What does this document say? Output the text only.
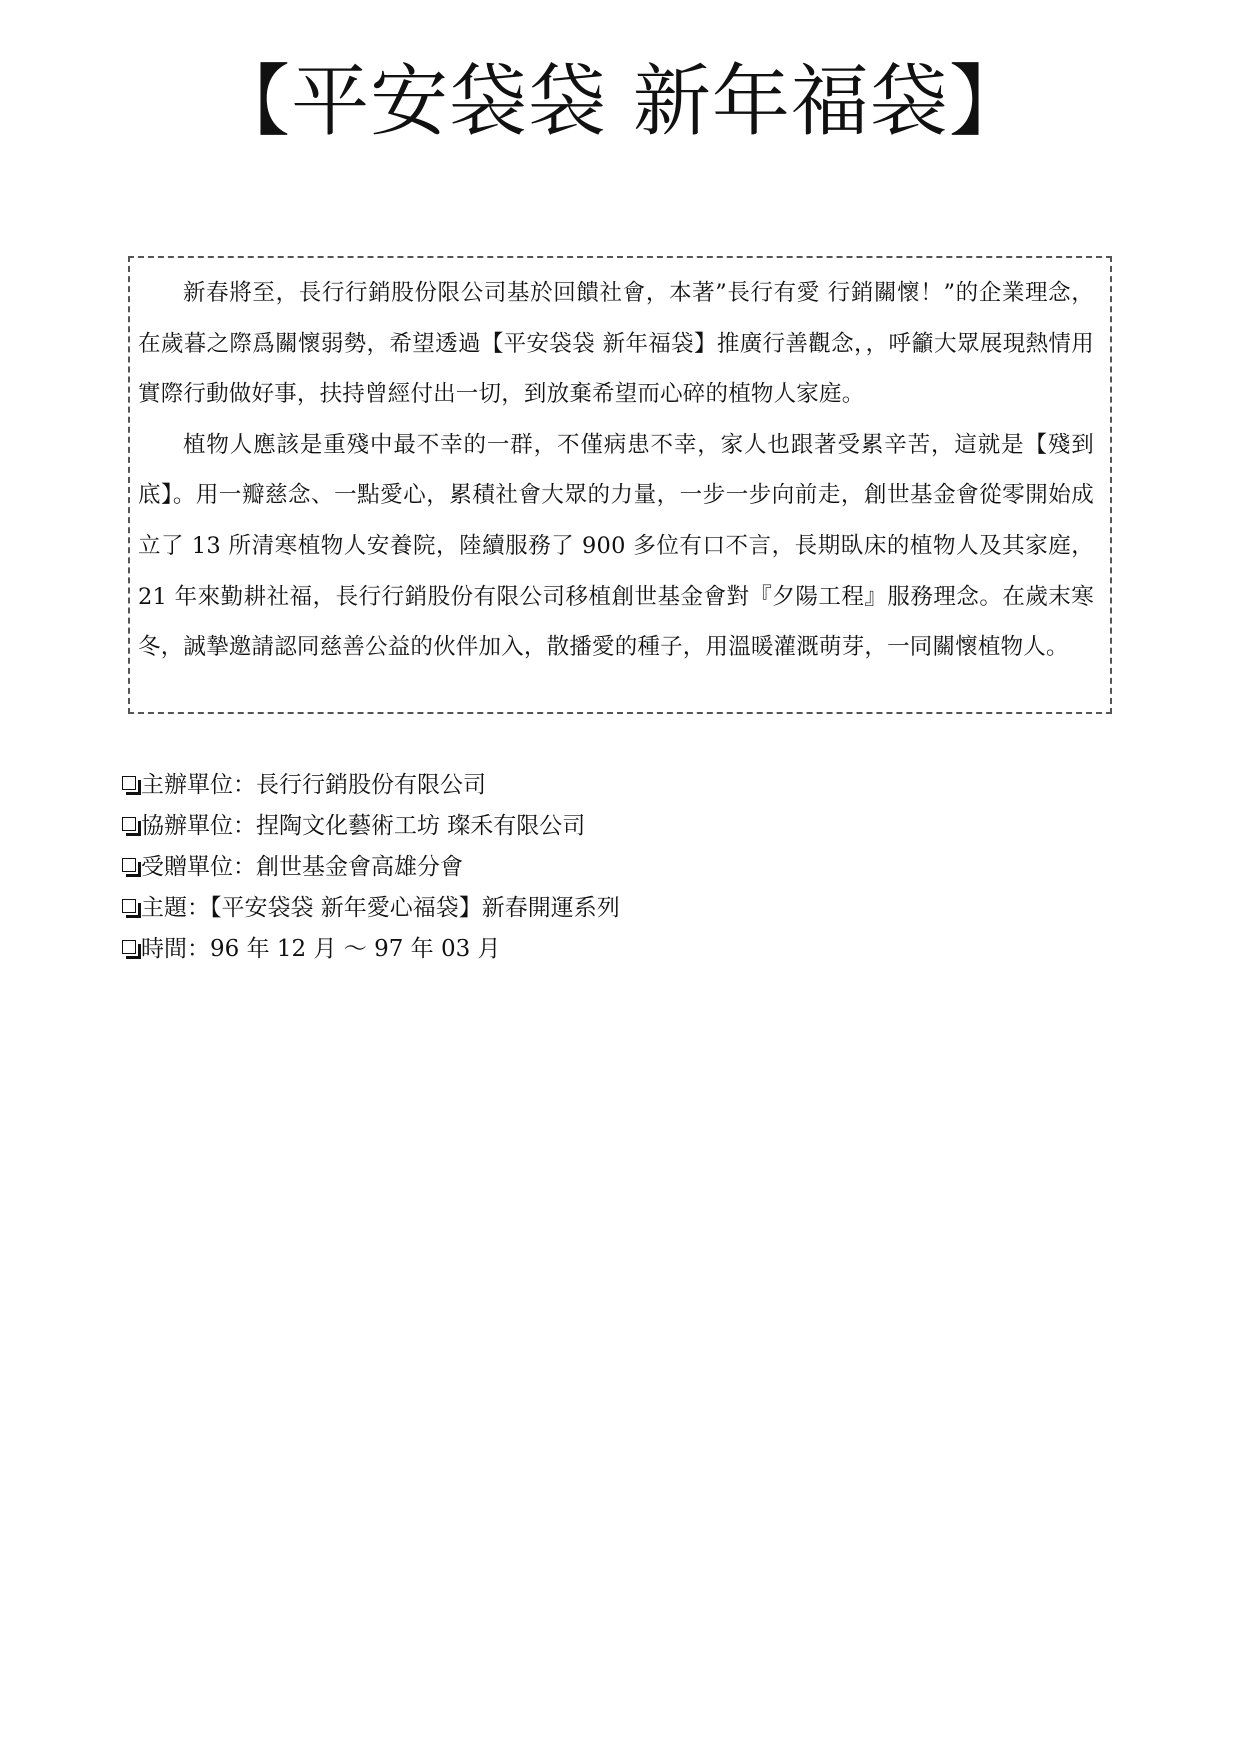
【平安袋袋 新年福袋】

新春將至，長行行銷股份限公司基於回饋社會，本著”長行有愛 行銷關懷！”的企業理念，在歲暮之際爲關懷弱勢，希望透過【平安袋袋 新年福袋】推廣行善觀念，，呼籲大眾展現熱情用實際行動做好事，扶持曾經付出一切，到放棄希望而心碎的植物人家庭。

植物人應該是重殘中最不幸的一群，不僅病患不幸，家人也跟著受累辛苦，這就是【殘到底】。用一瓣慈念、一點愛心，累積社會大眾的力量，一步一步向前走，創世基金會從零開始成立了 13 所清寒植物人安養院，陸續服務了 900 多位有口不言，長期臥床的植物人及其家庭，21 年來勤耕社福，長行行銷股份有限公司移植創世基金會對『夕陽工程』服務理念。在歲末寒冬，誠摯邀請認同慈善公益的伙伴加入，散播愛的種子，用溫暖灌溉萌芽，一同關懷植物人。

主辦單位：長行行銷股份有限公司
協辦單位：捏陶文化藝術工坊 璨禾有限公司
受贈單位：創世基金會高雄分會
主題：【平安袋袋 新年愛心福袋】新春開運系列
時間：96 年 12 月 ～ 97 年 03 月
